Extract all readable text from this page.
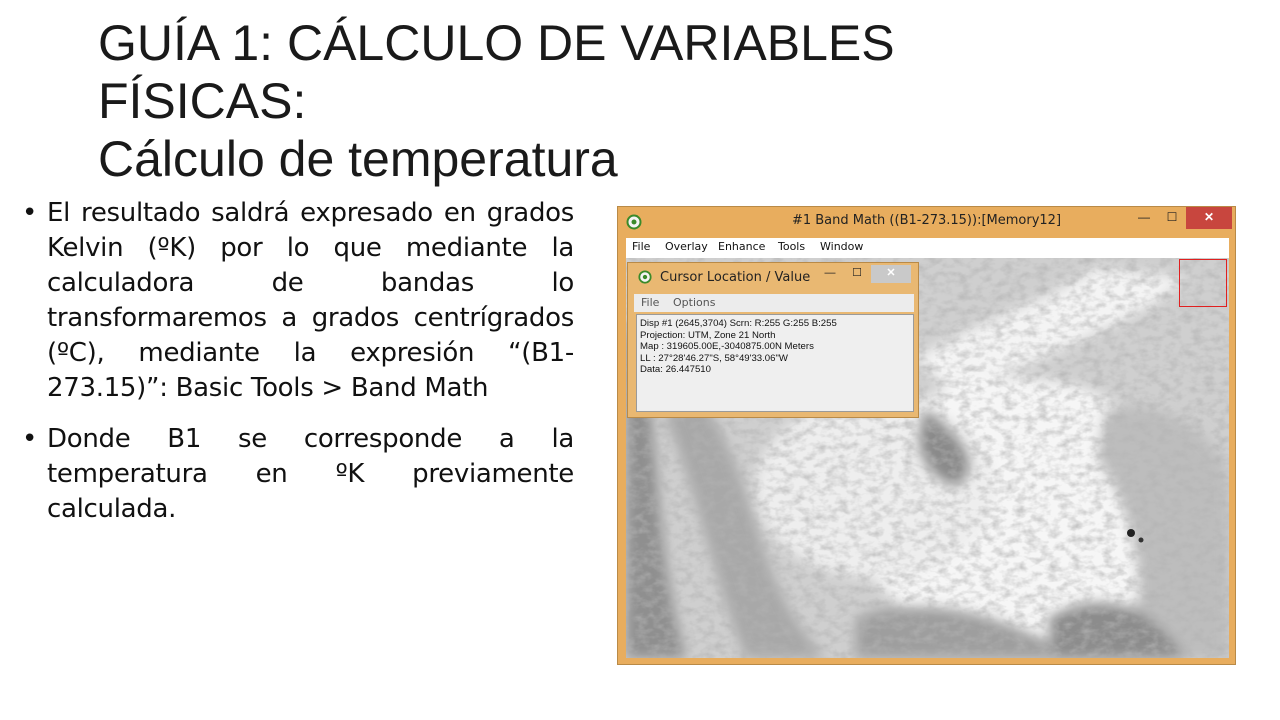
GUÍA 1: CÁLCULO DE VARIABLES
FÍSICAS:
Cálculo de temperatura
• El resultado saldrá expresado en grados Kelvin (ºK) por lo que mediante la calculadora de bandas lo transformaremos a grados centrígrados (ºC), mediante la expresión “(B1-273.15)”: Basic Tools > Band Math
• Donde B1 se corresponde a la temperatura en ºK previamente calculada.
#1 Band Math ((B1-273.15)):[Memory12]	—	☐	✕
File Overlay Enhance Tools Window
Cursor Location / Value	—	☐	✕
File Options
Disp #1 (2645,3704) Scrn: R:255 G:255 B:255
Projection: UTM, Zone 21 North
Map : 319605.00E,-3040875.00N Meters
LL : 27°28'46.27"S, 58°49'33.06"W
Data: 26.447510
